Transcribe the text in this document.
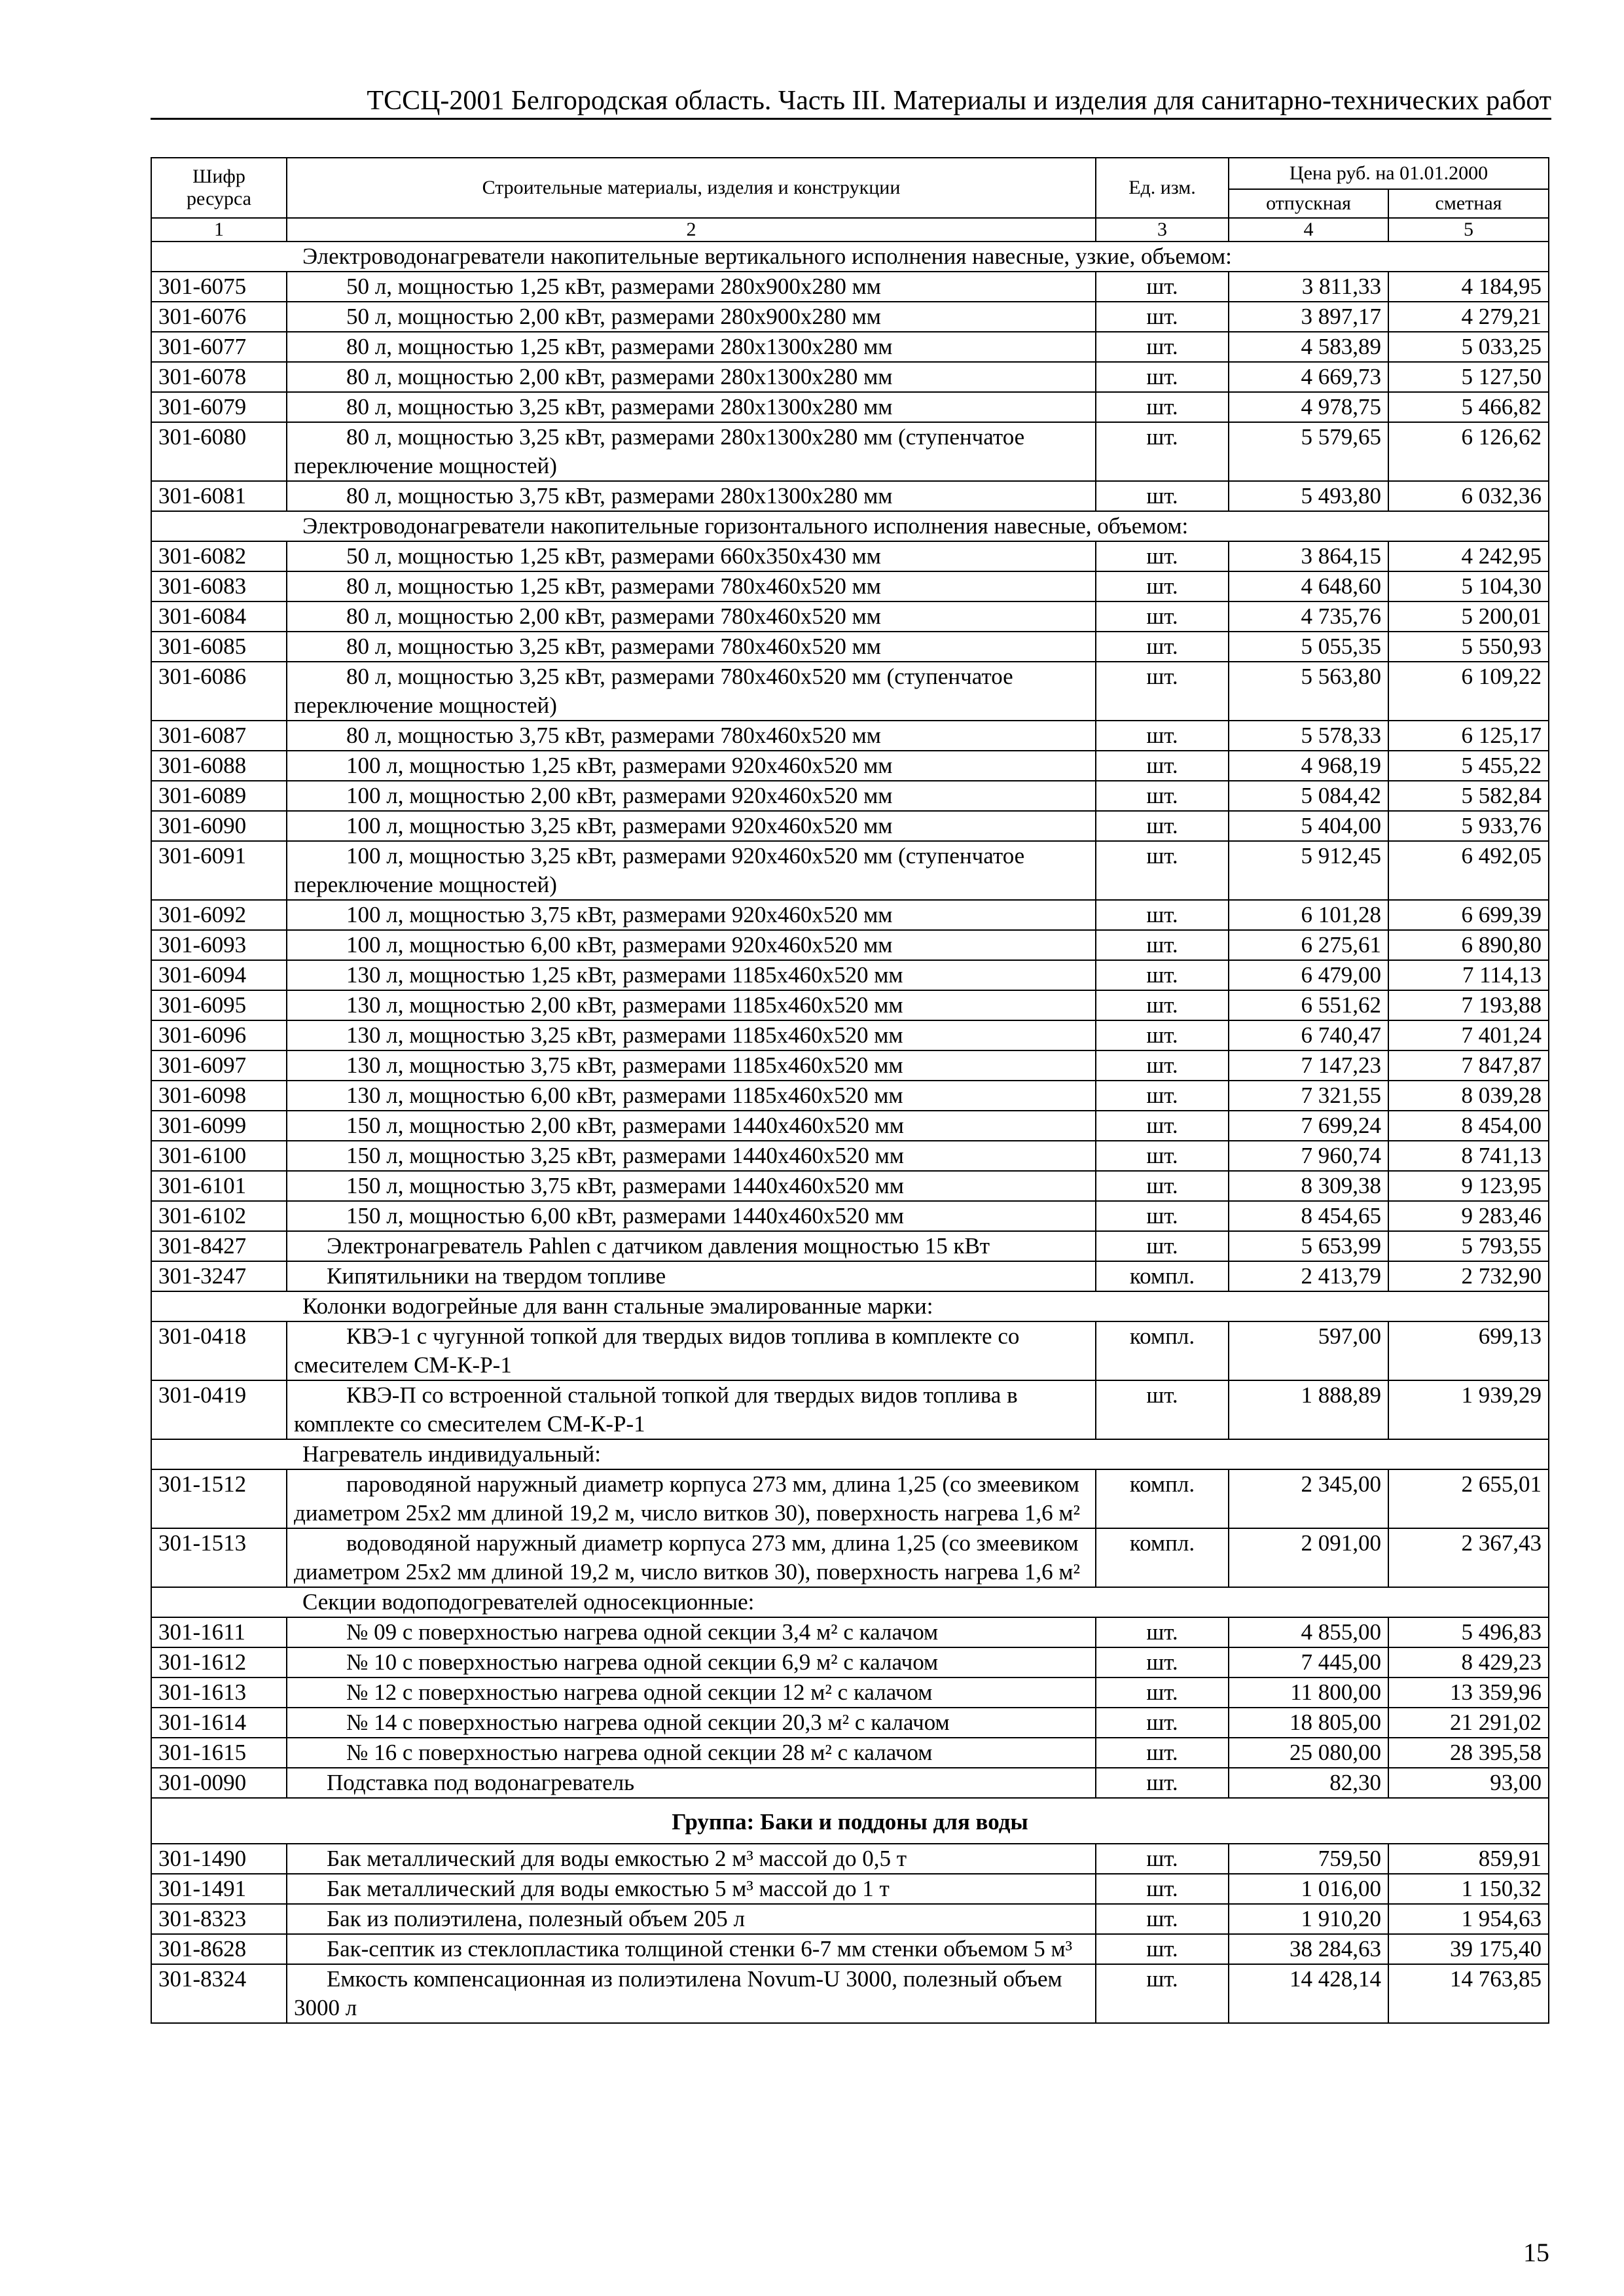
ТССЦ-2001 Белгородская область. Часть III. Материалы и изделия для санитарно-технических работ
Шифр ресурса	Строительные материалы, изделия и конструкции	Ед. изм.	Цена руб. на 01.01.2000	
			отпускная	сметная
1	2	3	4	5
Электроводонагреватели накопительные вертикального исполнения навесные, узкие, объемом:				
301-6075	50 л, мощностью 1,25 кВт, размерами 280x900x280 мм	шт.	3 811,33	4 184,95
301-6076	50 л, мощностью 2,00 кВт, размерами 280x900x280 мм	шт.	3 897,17	4 279,21
301-6077	80 л, мощностью 1,25 кВт, размерами 280x1300x280 мм	шт.	4 583,89	5 033,25
301-6078	80 л, мощностью 2,00 кВт, размерами 280x1300x280 мм	шт.	4 669,73	5 127,50
301-6079	80 л, мощностью 3,25 кВт, размерами 280x1300x280 мм	шт.	4 978,75	5 466,82
301-6080	80 л, мощностью 3,25 кВт, размерами 280x1300x280 мм (ступенчатое переключение мощностей)	шт.	5 579,65	6 126,62
301-6081	80 л, мощностью 3,75 кВт, размерами 280x1300x280 мм	шт.	5 493,80	6 032,36
Электроводонагреватели накопительные горизонтального исполнения навесные, объемом:				
301-6082	50 л, мощностью 1,25 кВт, размерами 660x350x430 мм	шт.	3 864,15	4 242,95
301-6083	80 л, мощностью 1,25 кВт, размерами 780x460x520 мм	шт.	4 648,60	5 104,30
301-6084	80 л, мощностью 2,00 кВт, размерами 780x460x520 мм	шт.	4 735,76	5 200,01
301-6085	80 л, мощностью 3,25 кВт, размерами 780x460x520 мм	шт.	5 055,35	5 550,93
301-6086	80 л, мощностью 3,25 кВт, размерами 780x460x520 мм (ступенчатое переключение мощностей)	шт.	5 563,80	6 109,22
301-6087	80 л, мощностью 3,75 кВт, размерами 780x460x520 мм	шт.	5 578,33	6 125,17
301-6088	100 л, мощностью 1,25 кВт, размерами 920x460x520 мм	шт.	4 968,19	5 455,22
301-6089	100 л, мощностью 2,00 кВт, размерами 920x460x520 мм	шт.	5 084,42	5 582,84
301-6090	100 л, мощностью 3,25 кВт, размерами 920x460x520 мм	шт.	5 404,00	5 933,76
301-6091	100 л, мощностью 3,25 кВт, размерами 920x460x520 мм (ступенчатое переключение мощностей)	шт.	5 912,45	6 492,05
301-6092	100 л, мощностью 3,75 кВт, размерами 920x460x520 мм	шт.	6 101,28	6 699,39
301-6093	100 л, мощностью 6,00 кВт, размерами 920x460x520 мм	шт.	6 275,61	6 890,80
301-6094	130 л, мощностью 1,25 кВт, размерами 1185x460x520 мм	шт.	6 479,00	7 114,13
301-6095	130 л, мощностью 2,00 кВт, размерами 1185x460x520 мм	шт.	6 551,62	7 193,88
301-6096	130 л, мощностью 3,25 кВт, размерами 1185x460x520 мм	шт.	6 740,47	7 401,24
301-6097	130 л, мощностью 3,75 кВт, размерами 1185x460x520 мм	шт.	7 147,23	7 847,87
301-6098	130 л, мощностью 6,00 кВт, размерами 1185x460x520 мм	шт.	7 321,55	8 039,28
301-6099	150 л, мощностью 2,00 кВт, размерами 1440x460x520 мм	шт.	7 699,24	8 454,00
301-6100	150 л, мощностью 3,25 кВт, размерами 1440x460x520 мм	шт.	7 960,74	8 741,13
301-6101	150 л, мощностью 3,75 кВт, размерами 1440x460x520 мм	шт.	8 309,38	9 123,95
301-6102	150 л, мощностью 6,00 кВт, размерами 1440x460x520 мм	шт.	8 454,65	9 283,46
301-8427	Электронагреватель Pahlen с датчиком давления мощностью 15 кВт	шт.	5 653,99	5 793,55
301-3247	Кипятильники на твердом топливе	компл.	2 413,79	2 732,90
Колонки водогрейные для ванн стальные эмалированные марки:				
301-0418	КВЭ-1 с чугунной топкой для твердых видов топлива в комплекте со смесителем СМ-К-Р-1	компл.	597,00	699,13
301-0419	КВЭ-П со встроенной стальной топкой для твердых видов топлива в комплекте со смесителем СМ-К-Р-1	шт.	1 888,89	1 939,29
Нагреватель индивидуальный:				
301-1512	пароводяной наружный диаметр корпуса 273 мм, длина 1,25 (со змеевиком диаметром 25x2 мм длиной 19,2 м, число витков 30), поверхность нагрева 1,6 м²	компл.	2 345,00	2 655,01
301-1513	водоводяной наружный диаметр корпуса 273 мм, длина 1,25 (со змеевиком диаметром 25x2 мм длиной 19,2 м, число витков 30), поверхность нагрева 1,6 м²	компл.	2 091,00	2 367,43
Секции водоподогревателей односекционные:				
301-1611	№ 09 с поверхностью нагрева одной секции 3,4 м² с калачом	шт.	4 855,00	5 496,83
301-1612	№ 10 с поверхностью нагрева одной секции 6,9 м² с калачом	шт.	7 445,00	8 429,23
301-1613	№ 12 с поверхностью нагрева одной секции 12 м² с калачом	шт.	11 800,00	13 359,96
301-1614	№ 14 с поверхностью нагрева одной секции 20,3 м² с калачом	шт.	18 805,00	21 291,02
301-1615	№ 16 с поверхностью нагрева одной секции 28 м² с калачом	шт.	25 080,00	28 395,58
301-0090	Подставка под водонагреватель	шт.	82,30	93,00
Группа: Баки и поддоны для воды				
301-1490	Бак металлический для воды емкостью 2 м³ массой до 0,5 т	шт.	759,50	859,91
301-1491	Бак металлический для воды емкостью 5 м³ массой до 1 т	шт.	1 016,00	1 150,32
301-8323	Бак из полиэтилена, полезный объем 205 л	шт.	1 910,20	1 954,63
301-8628	Бак-септик из стеклопластика толщиной стенки 6-7 мм стенки объемом 5 м³	шт.	38 284,63	39 175,40
301-8324	Емкость компенсационная из полиэтилена Novum-U 3000, полезный объем 3000 л	шт.	14 428,14	14 763,85
15
